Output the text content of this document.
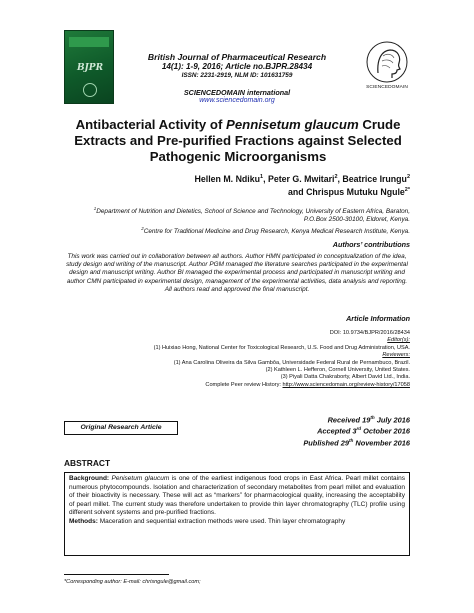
BJPR
British Journal of Pharmaceutical Research
14(1): 1-9, 2016; Article no.BJPR.28434
ISSN: 2231-2919, NLM ID: 101631759
SCIENCEDOMAIN international
www.sciencedomain.org
SCIENCEDOMAIN
Antibacterial Activity of Pennisetum glaucum Crude Extracts and Pre-purified Fractions against Selected Pathogenic Microorganisms
Hellen M. Ndiku$^1$, Peter G. Mwitari$^2$, Beatrice Irungu$^2$
and Chrispus Mutuku Ngule$^{2*}$
$^1$Department of Nutrition and Dietetics, School of Science and Technology, University of Eastern Africa, Baraton, P.O.Box 2500-30100, Eldoret, Kenya.
$^2$Centre for Traditional Medicine and Drug Research, Kenya Medical Research Institute, Kenya.
Authors’ contributions
This work was carried out in collaboration between all authors. Author HMN participated in conceptualization of the idea, study design and writing of the manuscript. Author PGM managed the literature searches participated in the experimental design and manuscript writing. Author BI managed the experimental process and participated in manuscript writing and author CMN participated in experimental design, management of the experimental activities, data analysis and reporting. All authors read and approved the final manuscript.
Article Information
DOI: 10.9734/BJPR/2016/28434
Editor(s):
(1) Huixiao Hong, National Center for Toxicological Research, U.S. Food and Drug Administration, USA.
Reviewers:
(1) Ana Carolina Oliveira da Silva Gambôa, Universidade Federal Rural de Pernambuco, Brazil.
(2) Kathleen L. Hefferon, Cornell University, United States.
(3) Piyali Datta Chakraborty, Albert David Ltd., India.
Complete Peer review History: http://www.sciencedomain.org/review-history/17058
Original Research Article
Received 19th July 2016
Accepted 3rd October 2016
Published 29th November 2016
ABSTRACT
Background: Penisetum glaucum is one of the earliest indigenous food crops in East Africa. Pearl millet contains numerous phytocompounds. Isolation and characterization of secondary metabolites from pearl millet and evaluation of their bioactivity is necessary. These will act as “markers” for pharmacological quality, increasing the acceptability of pearl millet. The current study was therefore undertaken to provide thin layer chromatography (TLC) profile using different solvent systems and pre-purified fractions.
Methods: Maceration and sequential extraction methods were used. Thin layer chromatography
*Corresponding author: E-mail: chrisngule@gmail.com;
